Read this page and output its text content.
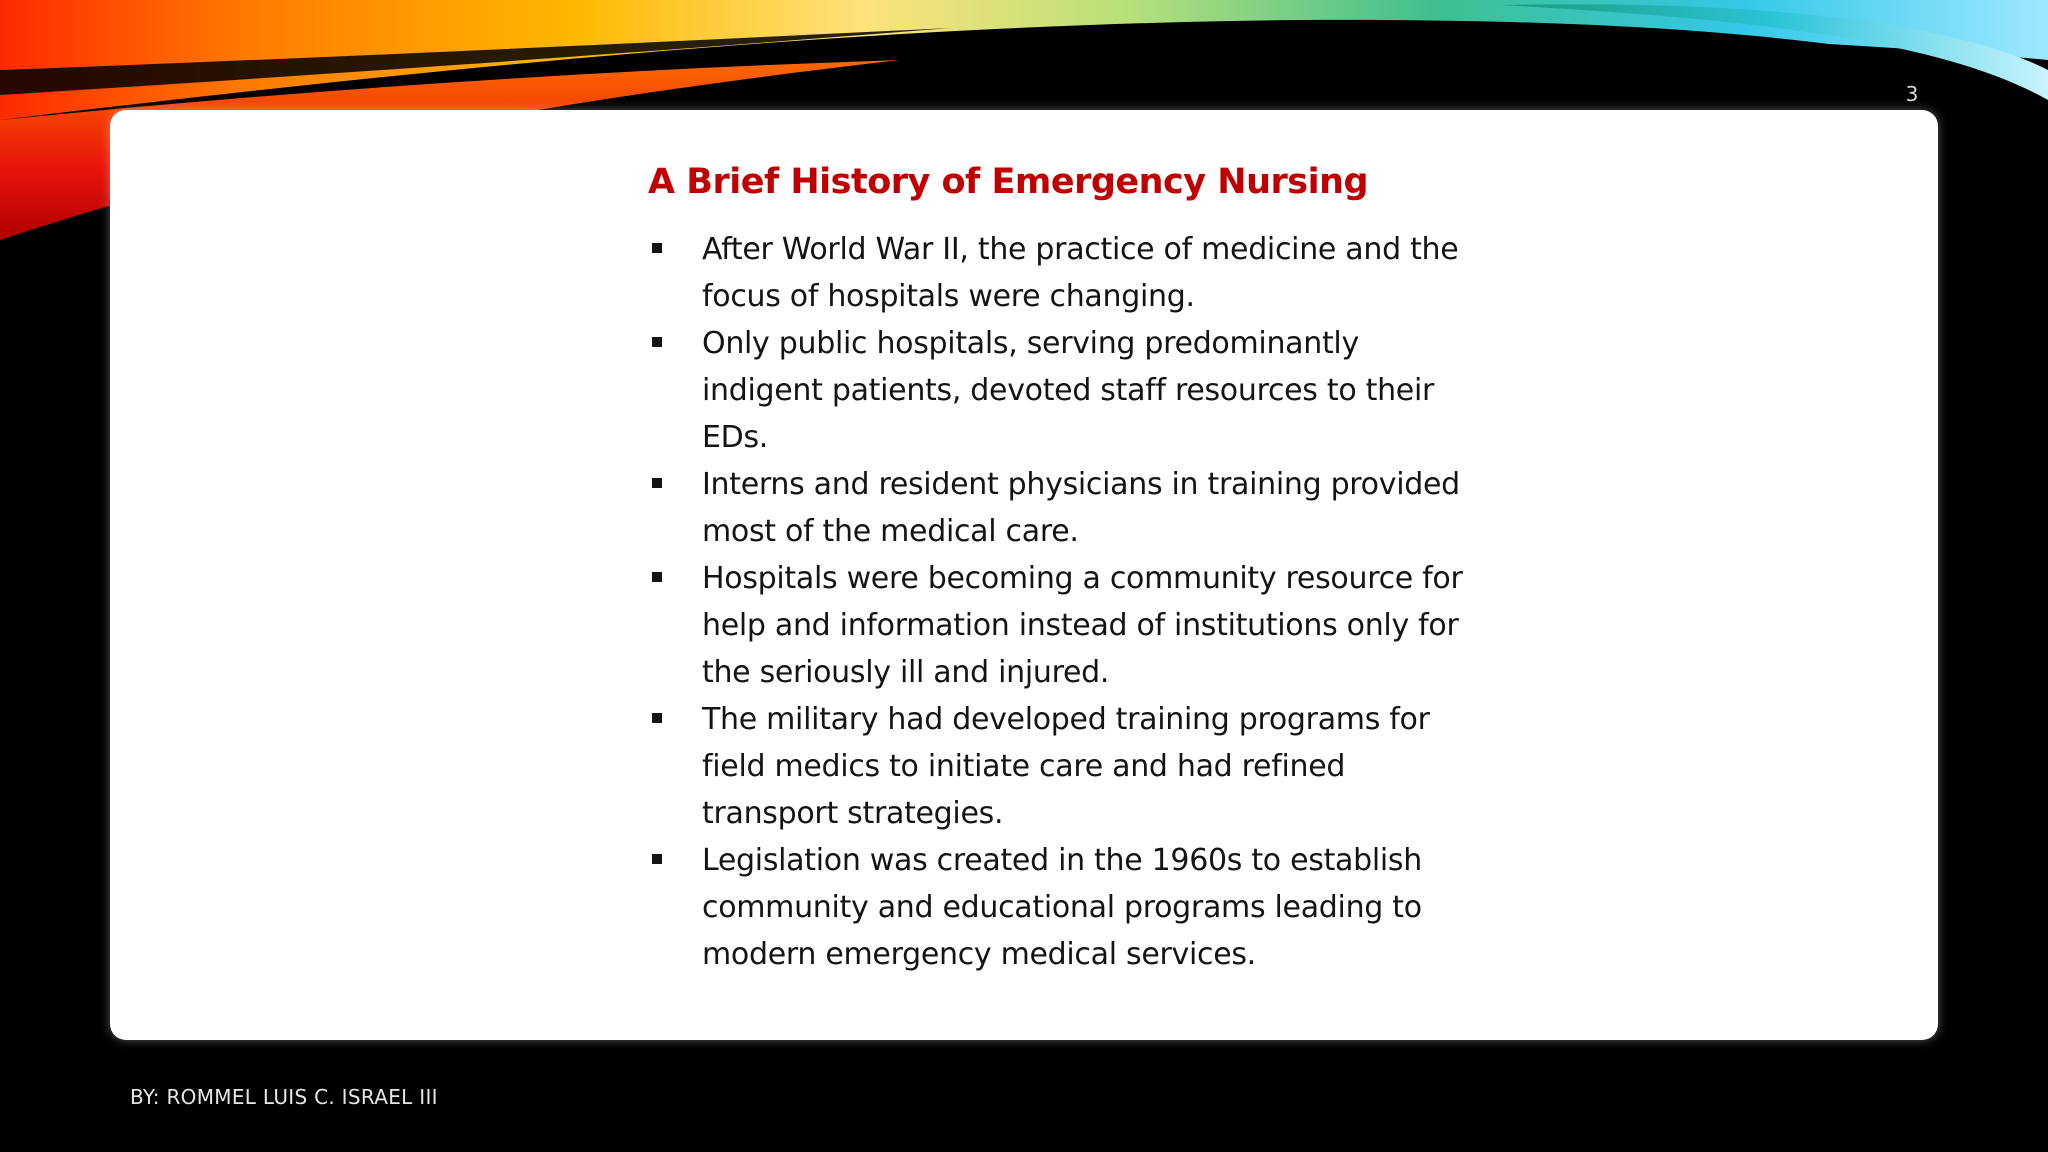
3
A Brief History of Emergency Nursing
After World War II, the practice of medicine and the focus of hospitals were changing.
Only public hospitals, serving predominantly indigent patients, devoted staff resources to their EDs.
Interns and resident physicians in training provided most of the medical care.
Hospitals were becoming a community resource for help and information instead of institutions only for the seriously ill and injured.
The military had developed training programs for field medics to initiate care and had refined transport strategies.
Legislation was created in the 1960s to establish community and educational programs leading to modern emergency medical services.
BY: ROMMEL LUIS C. ISRAEL III
